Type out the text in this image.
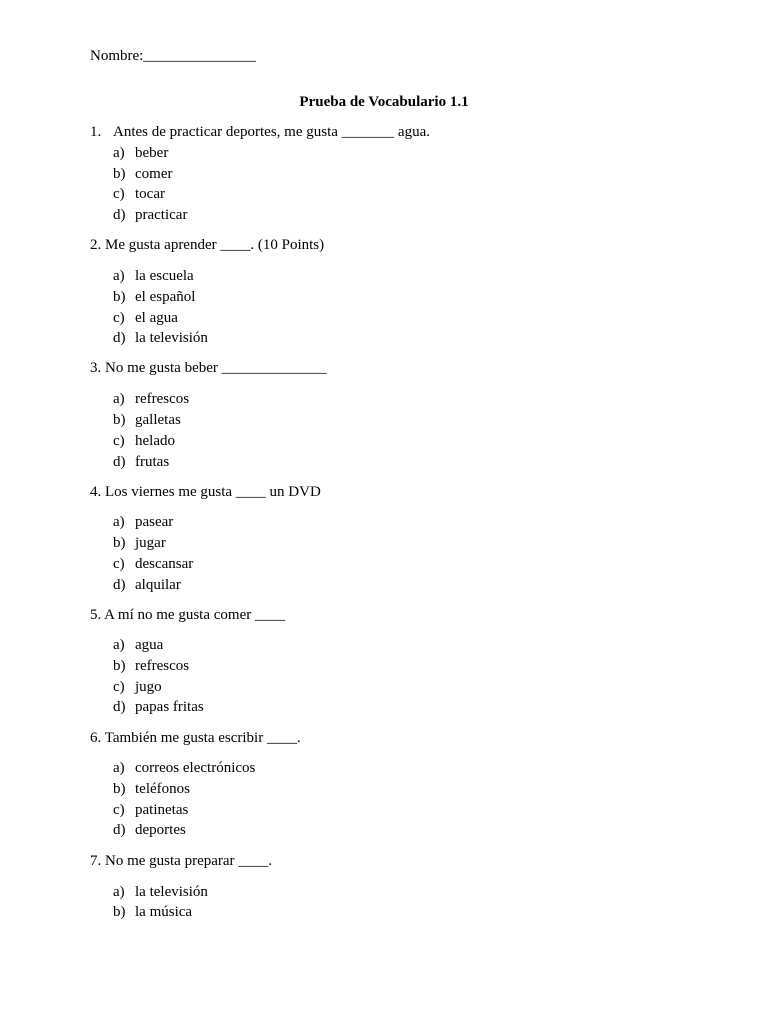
Nombre:_______________
Prueba de Vocabulario 1.1
1. Antes de practicar deportes, me gusta _______ agua.
a) beber
b) comer
c) tocar
d) practicar
2. Me gusta aprender ____. (10 Points)
a) la escuela
b) el español
c) el agua
d) la televisión
3. No me gusta beber ______________
a) refrescos
b) galletas
c) helado
d) frutas
4. Los viernes me gusta ____ un DVD
a) pasear
b) jugar
c) descansar
d) alquilar
5. A mí no me gusta comer ____
a) agua
b) refrescos
c) jugo
d) papas fritas
6. También me gusta escribir ____.
a) correos electrónicos
b) teléfonos
c) patinetas
d) deportes
7. No me gusta preparar ____.
a) la televisión
b) la música
